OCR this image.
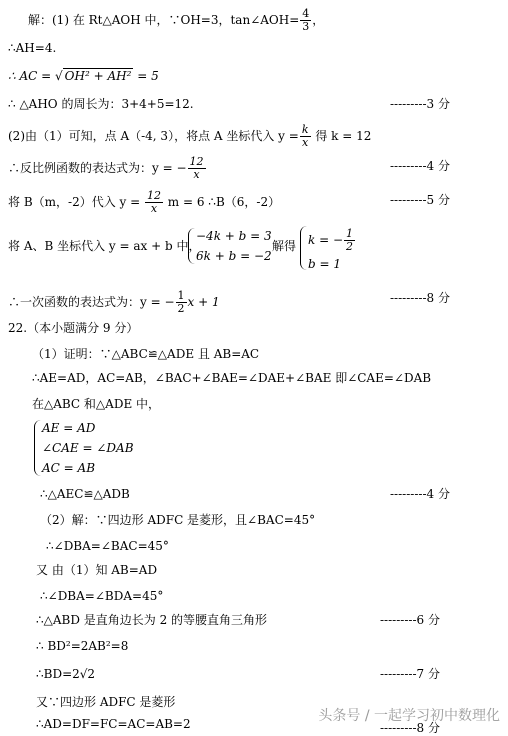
解：(1) 在 Rt△AOH 中，∵OH=3，tan∠AOH= $\frac{4}{3}$ ，
∴AH=4.
∴ AC = √ OH² + AH² = 5
∴ △AHO 的周长为：3+4+5=12.	---------3 分
(2)由（1）可知，点 A（-4, 3），将点 A 坐标代入 $y = \frac{k}{x}$ 得 k = 12
∴反比例函数的表达式为：y = − $\frac{12}{x}$	---------4 分
将 B（m，-2）代入 $y = \frac{12}{x}$ m = 6 ∴B（6，-2）	---------5 分
将 A、B 坐标代入 y = ax + b 中，
−4k + b = 3
6k + b = −2
解得 k = − $\frac{1}{2}$
b = 1
∴一次函数的表达式为：y = − $\frac{1}{2}$ x + 1	---------8 分
22.（本小题满分 9 分）
（1）证明：∵△ABC≌△ADE 且 AB=AC
∴AE=AD，AC=AB，∠BAC+∠BAE=∠DAE+∠BAE 即∠CAE=∠DAB
在△ABC 和△ADE 中，
AE = AD
∠CAE = ∠DAB
AC = AB
∴△AEC≌△ADB	---------4 分
（2）解：∵四边形 ADFC 是菱形，且∠BAC=45°
∴∠DBA=∠BAC=45°
又 由（1）知 AB=AD
∴∠DBA=∠BDA=45°
∴△ABD 是直角边长为 2 的等腰直角三角形	---------6 分
∴ BD²=2AB²=8
∴BD=2√2	---------7 分
又∵四边形 ADFC 是菱形
∴AD=DF=FC=AC=AB=2	---------8 分
头条号 / 一起学习初中数理化
